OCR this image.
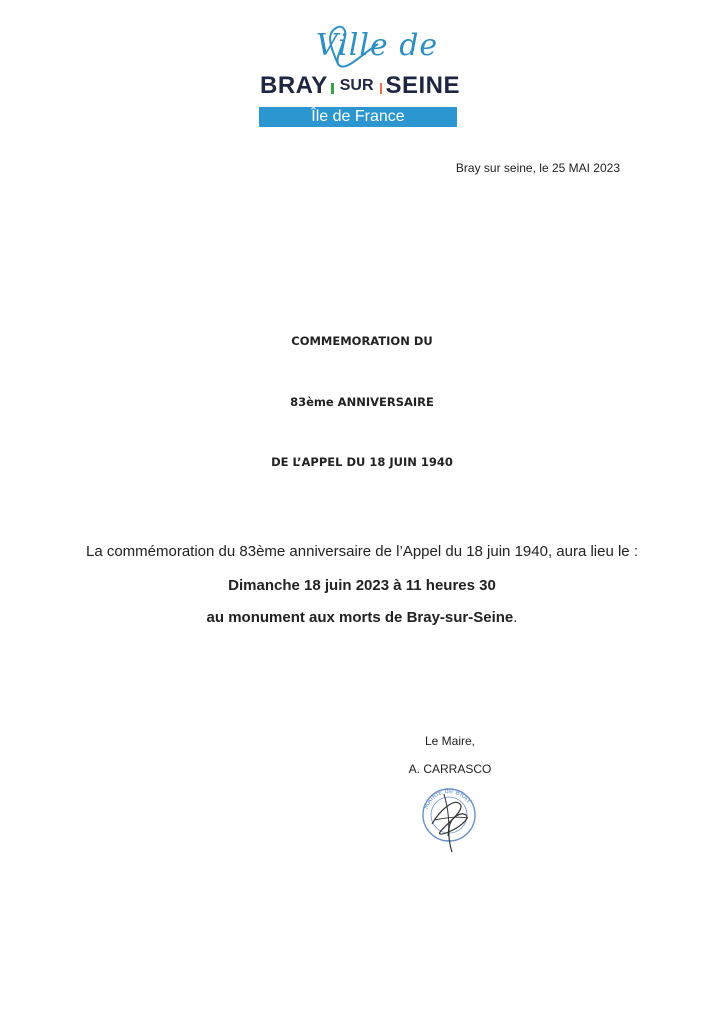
Ville de
BRAY SUR SEINE
Île de France
Bray sur seine, le 25 MAI 2023
COMMEMORATION DU
83ème ANNIVERSAIRE
DE L’APPEL DU 18 JUIN 1940
La commémoration du 83ème anniversaire de l’Appel du 18 juin 1940, aura lieu le :
Dimanche 18 juin 2023 à 11 heures 30
au monument aux morts de Bray-sur-Seine.
Le Maire,
A. CARRASCO
MAIRIE de BRAY
